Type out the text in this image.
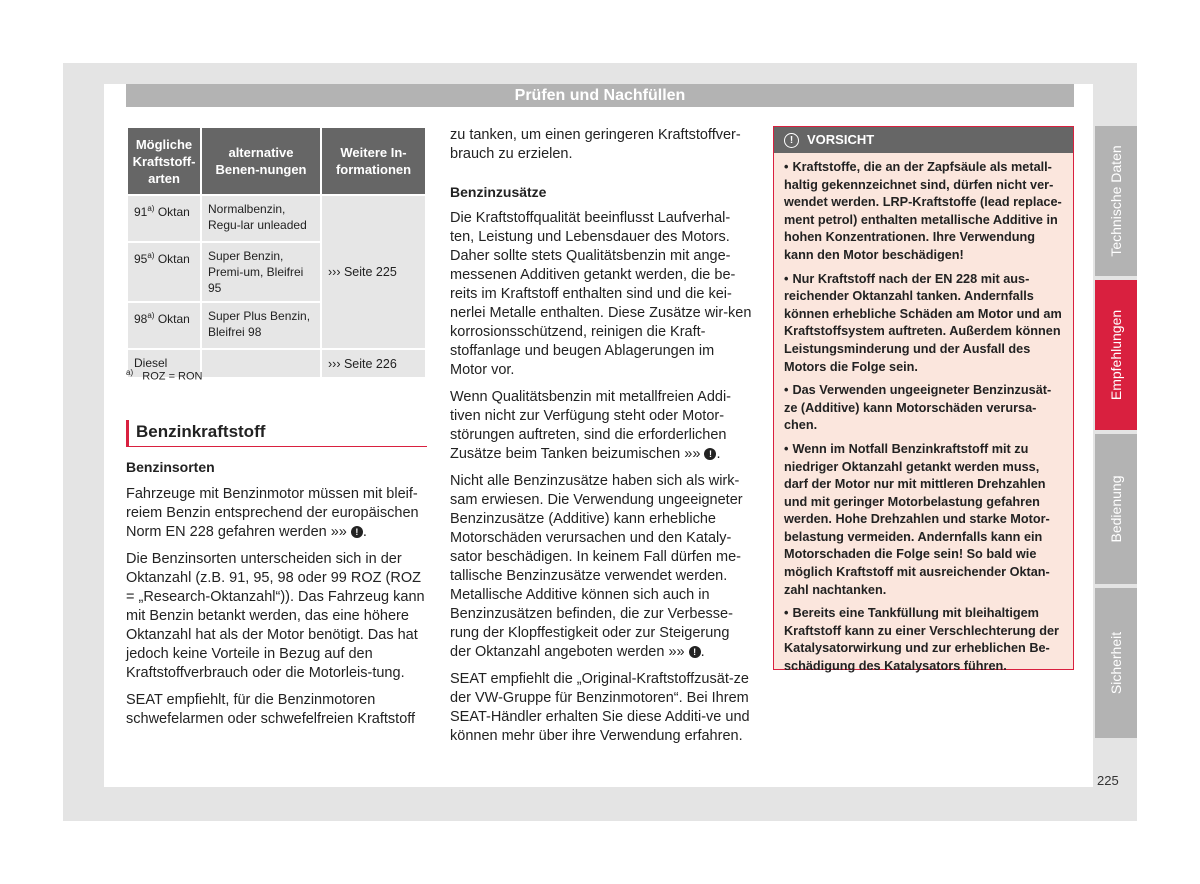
Prüfen und Nachfüllen
Technische Daten
Empfehlungen
Bedienung
Sicherheit
Mögliche Kraftstoff-arten	alternative Benen-nungen	Weitere In-formationen
91$^{a)}$ Oktan	Normalbenzin, Regu-lar unleaded	››› Seite 225
95$^{a)}$ Oktan	Super Benzin, Premi-um, Bleifrei 95	
98$^{a)}$ Oktan	Super Plus Benzin, Bleifrei 98	
Diesel		››› Seite 226
$^{a)}$ ROZ = RON
Benzinkraftstoff
Benzinsorten

Fahrzeuge mit Benzinmotor müssen mit bleif-reiem Benzin entsprechend der europäischen Norm EN 228 gefahren werden »» ! .

Die Benzinsorten unterscheiden sich in der Oktanzahl (z.B. 91, 95, 98 oder 99 ROZ (ROZ = „Research-Oktanzahl“)). Das Fahrzeug kann mit Benzin betankt werden, das eine höhere Oktanzahl hat als der Motor benötigt. Das hat jedoch keine Vorteile in Bezug auf den Kraftstoffverbrauch oder die Motorleis-tung.

SEAT empfiehlt, für die Benzinmotoren schwefelarmen oder schwefelfreien Kraftstoff

zu tanken, um einen geringeren Kraftstoffver-brauch zu erzielen.

Benzinzusätze

Die Kraftstoffqualität beeinflusst Laufverhal-ten, Leistung und Lebensdauer des Motors. Daher sollte stets Qualitätsbenzin mit ange-messenen Additiven getankt werden, die be-reits im Kraftstoff enthalten sind und die kei-nerlei Metalle enthalten. Diese Zusätze wir-ken korrosionsschützend, reinigen die Kraft-stoffanlage und beugen Ablagerungen im Motor vor.

Wenn Qualitätsbenzin mit metallfreien Addi-tiven nicht zur Verfügung steht oder Motor-störungen auftreten, sind die erforderlichen Zusätze beim Tanken beizumischen »» ! .

Nicht alle Benzinzusätze haben sich als wirk-sam erwiesen. Die Verwendung ungeeigneter Benzinzusätze (Additive) kann erhebliche Motorschäden verursachen und den Kataly-sator beschädigen. In keinem Fall dürfen me-tallische Benzinzusätze verwendet werden. Metallische Additive können sich auch in Benzinzusätzen befinden, die zur Verbesse-rung der Klopffestigkeit oder zur Steigerung der Oktanzahl angeboten werden »» ! .

SEAT empfiehlt die „Original-Kraftstoffzusät-ze der VW-Gruppe für Benzinmotoren“. Bei Ihrem SEAT-Händler erhalten Sie diese Additi-ve und können mehr über ihre Verwendung erfahren.

! VORSICHT
• Kraftstoffe, die an der Zapfsäule als metall-haltig gekennzeichnet sind, dürfen nicht ver-wendet werden. LRP-Kraftstoffe (lead replace-ment petrol) enthalten metallische Additive in hohen Konzentrationen. Ihre Verwendung kann den Motor beschädigen!
• Nur Kraftstoff nach der EN 228 mit aus-reichender Oktanzahl tanken. Andernfalls können erhebliche Schäden am Motor und am Kraftstoffsystem auftreten. Außerdem können Leistungsminderung und der Ausfall des Motors die Folge sein.
• Das Verwenden ungeeigneter Benzinzusät-ze (Additive) kann Motorschäden verursa-chen.
• Wenn im Notfall Benzinkraftstoff mit zu niedriger Oktanzahl getankt werden muss, darf der Motor nur mit mittleren Drehzahlen und mit geringer Motorbelastung gefahren werden. Hohe Drehzahlen und starke Motor-belastung vermeiden. Andernfalls kann ein Motorschaden die Folge sein! So bald wie möglich Kraftstoff mit ausreichender Oktan-zahl nachtanken.
• Bereits eine Tankfüllung mit bleihaltigem Kraftstoff kann zu einer Verschlechterung der Katalysatorwirkung und zur erheblichen Be-schädigung des Katalysators führen.
225
